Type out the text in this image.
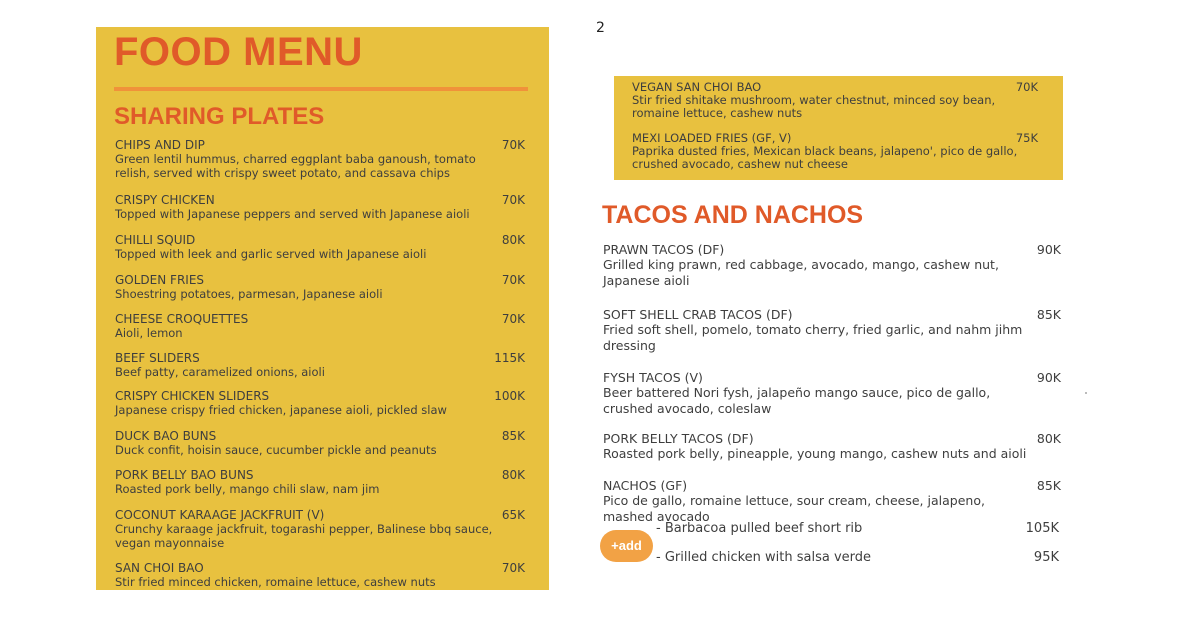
2
FOOD MENU
SHARING PLATES
CHIPS AND DIP
Green lentil hummus, charred eggplant baba ganoush, tomato
relish, served with crispy sweet potato, and cassava chips
70K
CRISPY CHICKEN
Topped with Japanese peppers and served with Japanese aioli
70K
CHILLI SQUID
Topped with leek and garlic served with Japanese aioli
80K
GOLDEN FRIES
Shoestring potatoes, parmesan, Japanese aioli
70K
CHEESE CROQUETTES
Aioli, lemon
70K
BEEF SLIDERS
Beef patty, caramelized onions, aioli
115K
CRISPY CHICKEN SLIDERS
Japanese crispy fried chicken, japanese aioli, pickled slaw
100K
DUCK BAO BUNS
Duck confit, hoisin sauce, cucumber pickle and peanuts
85K
PORK BELLY BAO BUNS
Roasted pork belly, mango chili slaw, nam jim
80K
COCONUT KARAAGE JACKFRUIT (V)
Crunchy karaage jackfruit, togarashi pepper, Balinese bbq sauce,
vegan mayonnaise
65K
SAN CHOI BAO
Stir fried minced chicken, romaine lettuce, cashew nuts
70K
VEGAN SAN CHOI BAO
Stir fried shitake mushroom, water chestnut, minced soy bean,
romaine lettuce, cashew nuts
70K
MEXI LOADED FRIES (GF, V)
Paprika dusted fries, Mexican black beans, jalapeno', pico de gallo,
crushed avocado, cashew nut cheese
75K
TACOS AND NACHOS
PRAWN TACOS (DF)
Grilled king prawn, red cabbage, avocado, mango, cashew nut,
Japanese aioli
90K
SOFT SHELL CRAB TACOS (DF)
Fried soft shell, pomelo, tomato cherry, fried garlic, and nahm jihm
dressing
85K
FYSH TACOS (V)
Beer battered Nori fysh, jalapeño mango sauce, pico de gallo,
crushed avocado, coleslaw
90K
PORK BELLY TACOS (DF)
Roasted pork belly, pineapple, young mango, cashew nuts and aioli
80K
NACHOS (GF)
Pico de gallo, romaine lettuce, sour cream, cheese, jalapeno,
mashed avocado
85K
- Barbacoa pulled beef short rib	105K
- Grilled chicken with salsa verde	95K
+add
